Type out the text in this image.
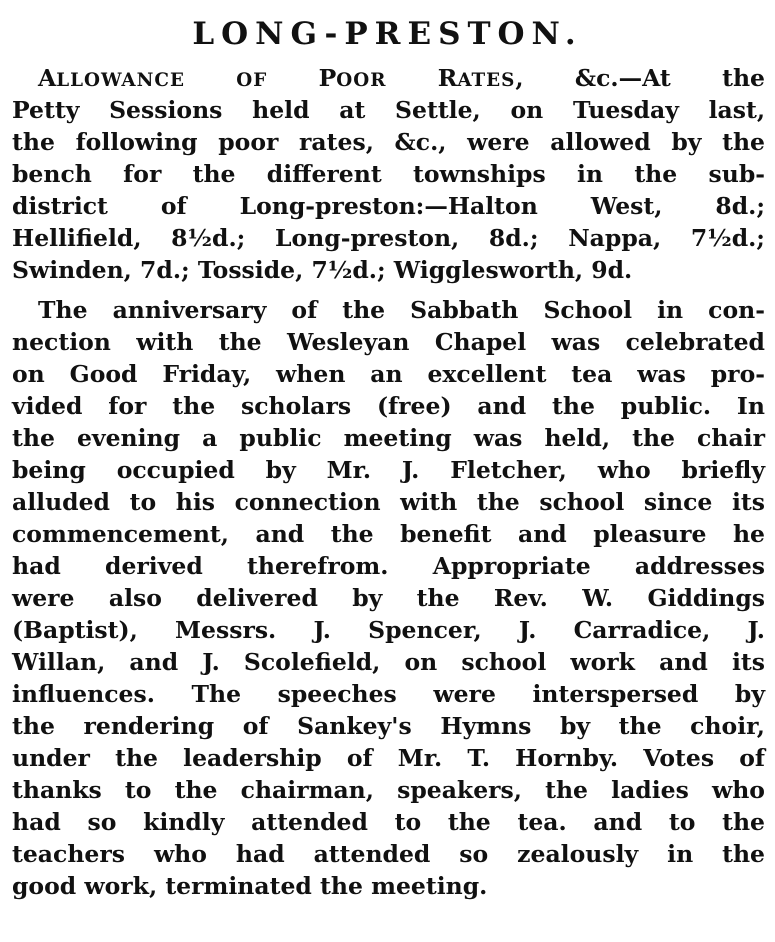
LONG-PRESTON.
ALLOWANCE	OF POOR RATES, &c.—At the
Petty Sessions held at Settle, on Tuesday last,
the following poor rates, &c., were allowed by the
bench for the different townships in the sub-
district of Long-preston:—Halton West, 8d.;
Hellifield, 8½d.; Long-preston, 8d.; Nappa, 7½d.;
Swinden, 7d.; Tosside, 7½d.; Wigglesworth, 9d.
The anniversary of the Sabbath School in con-
nection with the Wesleyan Chapel was celebrated
on Good Friday, when an excellent tea was pro-
vided for the scholars (free) and the public. In
the evening a public meeting was held, the chair
being occupied by Mr. J. Fletcher, who briefly
alluded to his connection with the school since its
commencement, and the benefit and pleasure he
had derived therefrom. Appropriate addresses
were also delivered by the Rev. W. Giddings
(Baptist), Messrs. J. Spencer, J. Carradice, J.
Willan, and J. Scolefield, on school work and its
influences. The speeches were interspersed by
the rendering of Sankey's Hymns by the choir,
under the leadership of Mr. T. Hornby. Votes of
thanks to the chairman, speakers, the ladies who
had so kindly attended to the tea. and to the
teachers who had attended so zealously in the
good work, terminated the meeting.
